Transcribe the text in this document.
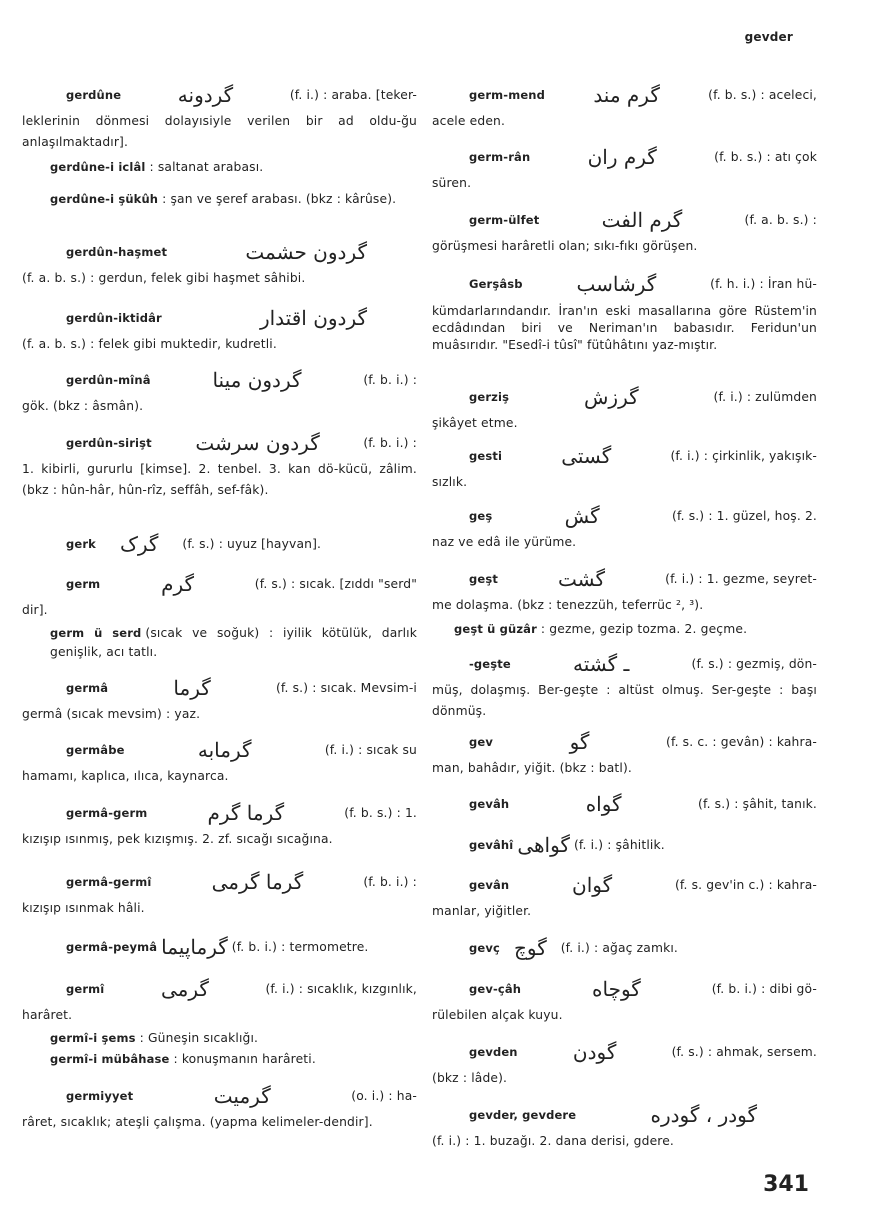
gevder
gerdûne	گردونه	(f. i.) : araba. [teker-

leklerinin dönmesi dolayısiyle verilen bir ad oldu-ğu anlaşılmaktadır].

gerdûne-i iclâl : saltanat arabası.

gerdûne-i şükûh : şan ve şeref arabası. (bkz : kârûse).

gerdûn-haşmet	گردون حشمت

(f. a. b. s.) : gerdun, felek gibi haşmet sâhibi.

gerdûn-iktidâr	گردون اقتدار

(f. a. b. s.) : felek gibi muktedir, kudretli.

gerdûn-mînâ	گردون مينا	(f. b. i.) :

gök. (bkz : âsmân).

gerdûn-sirişt	گردون سرشت	(f. b. i.) :

1. kibirli, gururlu [kimse]. 2. tenbel. 3. kan dö-kücü, zâlim. (bkz : hûn-hâr, hûn-rîz, seffâh, sef-fâk).

gerk	گرک	(f. s.) : uyuz [hayvan].
germ	گرم	(f. s.) : sıcak. [zıddı "serd"

dir].

germ ü serd (sıcak ve soğuk) : iyilik kötülük, darlık genişlik, acı tatlı.

germâ	گرما	(f. s.) : sıcak. Mevsim-i

germâ (sıcak mevsim) : yaz.

germâbe	گرمابه	(f. i.) : sıcak su

hamamı, kaplıca, ılıca, kaynarca.

germâ-germ	گرما گرم	(f. b. s.) : 1.

kızışıp ısınmış, pek kızışmış. 2. zf. sıcağı sıcağına.

germâ-germî	گرما گرمی	(f. b. i.) :

kızışıp ısınmak hâli.

germâ-peymâ گرماپیما (f. b. i.) : termometre.
germî	گرمی	(f. i.) : sıcaklık, kızgınlık,

harâret.

germî-i şems : Güneşin sıcaklığı.

germî-i mübâhase : konuşmanın harâreti.

germiyyet	گرمیت	(o. i.) : ha-

râret, sıcaklık; ateşli çalışma. (yapma kelimeler-dendir].

germ-mend	گرم مند	(f. b. s.) : aceleci,

acele eden.

germ-rân	گرم ران	(f. b. s.) : atı çok

süren.

germ-ülfet	گرم الفت	(f. a. b. s.) :

görüşmesi harâretli olan; sıkı-fıkı görüşen.

Gerşâsb	گرشاسب	(f. h. i.) : İran hü-

kümdarlarındandır. İran'ın eski masallarına göre Rüstem'in ecdâdından biri ve Neriman'ın babasıdır. Feridun'un muâsırıdır. "Esedî-i tûsî" fütûhâtını yaz-mıştır.

gerziş	گرزش	(f. i.) : zulümden

şikâyet etme.

gesti	گستی	(f. i.) : çirkinlik, yakışık-

sızlık.

geş	گش	(f. s.) : 1. güzel, hoş. 2.

naz ve edâ ile yürüme.

geşt	گشت	(f. i.) : 1. gezme, seyret-

me dolaşma. (bkz : tenezzüh, teferrüc ², ³).

geşt ü güzâr : gezme, gezip tozma. 2. geçme.

-geşte	ـ گشته	(f. s.) : gezmiş, dön-

müş, dolaşmış. Ber-geşte : altüst olmuş. Ser-geşte : başı dönmüş.

gev	گو	(f. s. c. : gevân) : kahra-

man, bahâdır, yiğit. (bkz : batl).

gevâh	گواه	(f. s.) : şâhit, tanık.
gevâhî گواهی (f. i.) : şâhitlik.
gevân	گوان	(f. s. gev'in c.) : kahra-

manlar, yiğitler.

gevç گوچ	(f. i.) : ağaç zamkı.
gev-çâh	گوچاه	(f. b. i.) : dibi gö-

rülebilen alçak kuyu.

gevden	گودن	(f. s.) : ahmak, sersem.

(bkz : lâde).

gevder, gevdere	گودر ، گودره

(f. i.) : 1. buzağı. 2. dana derisi, gdere.

341
